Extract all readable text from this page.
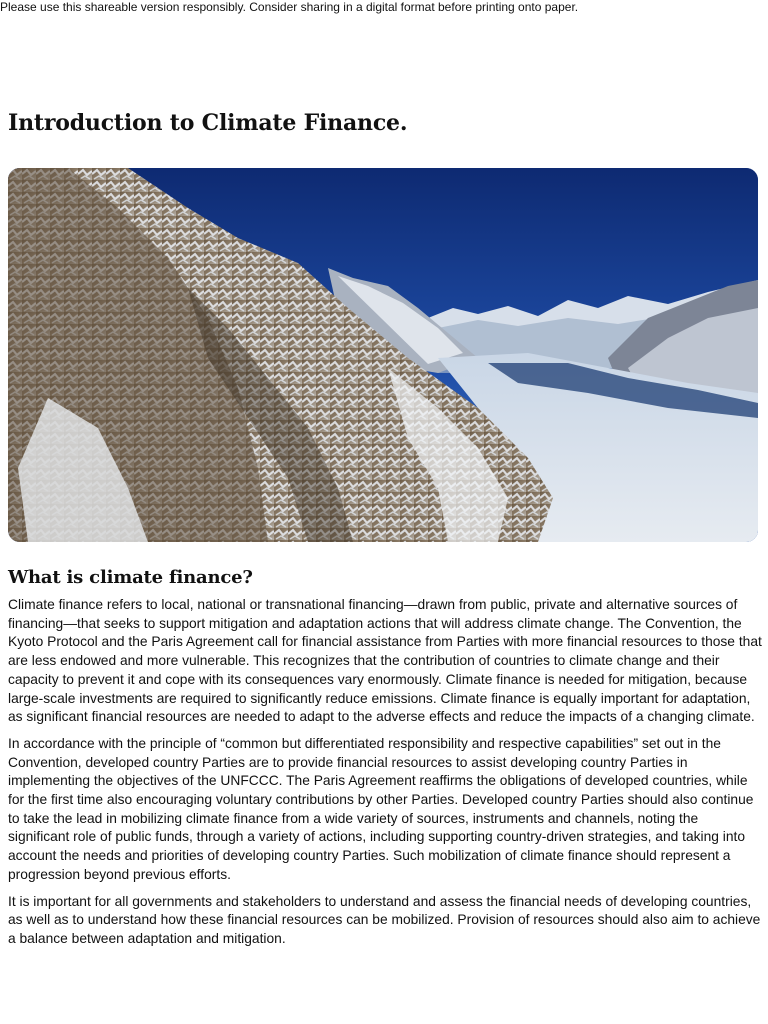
Please use this shareable version responsibly. Consider sharing in a digital format before printing onto paper.
Introduction to Climate Finance.
What is climate finance?

Climate finance refers to local, national or transnational financing—drawn from public, private and alternative sources of financing—that seeks to support mitigation and adaptation actions that will address climate change. The Convention, the Kyoto Protocol and the Paris Agreement call for financial assistance from Parties with more financial resources to those that are less endowed and more vulnerable. This recognizes that the contribution of countries to climate change and their capacity to prevent it and cope with its consequences vary enormously. Climate finance is needed for mitigation, because large-scale investments are required to significantly reduce emissions. Climate finance is equally important for adaptation, as significant financial resources are needed to adapt to the adverse effects and reduce the impacts of a changing climate.

In accordance with the principle of “common but differentiated responsibility and respective capabilities” set out in the Convention, developed country Parties are to provide financial resources to assist developing country Parties in implementing the objectives of the UNFCCC. The Paris Agreement reaffirms the obligations of developed countries, while for the first time also encouraging voluntary contributions by other Parties. Developed country Parties should also continue to take the lead in mobilizing climate finance from a wide variety of sources, instruments and channels, noting the significant role of public funds, through a variety of actions, including supporting country-driven strategies, and taking into account the needs and priorities of developing country Parties. Such mobilization of climate finance should represent a progression beyond previous efforts.

It is important for all governments and stakeholders to understand and assess the financial needs of developing countries, as well as to understand how these financial resources can be mobilized. Provision of resources should also aim to achieve a balance between adaptation and mitigation.
